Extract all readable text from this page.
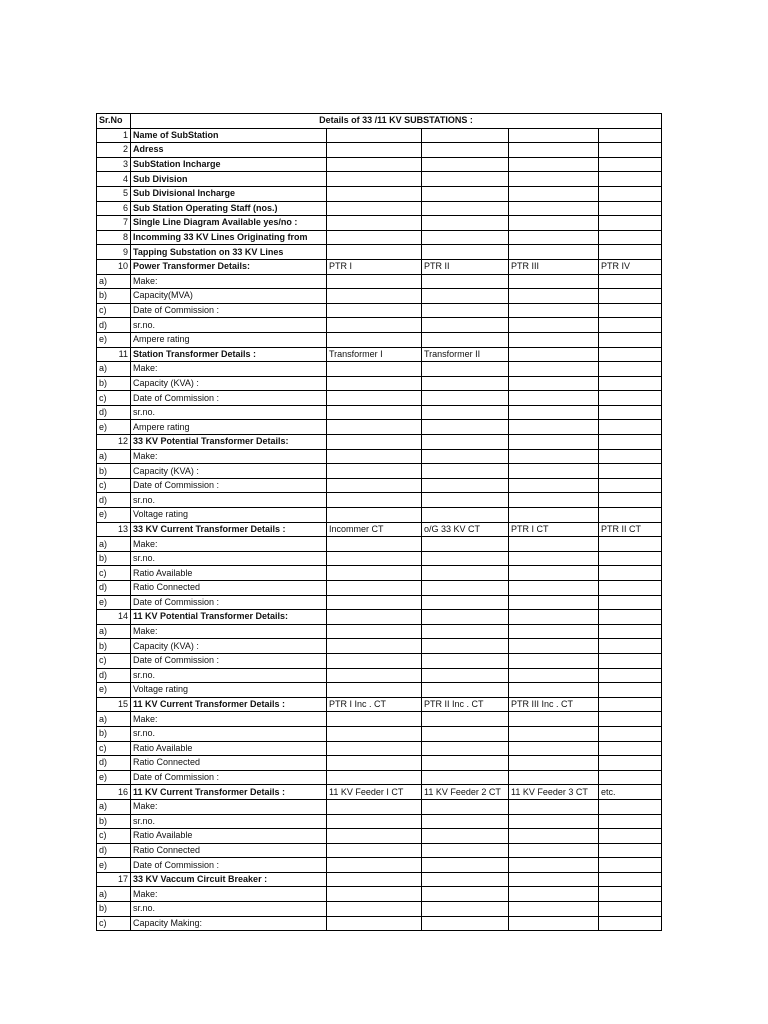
Sr.No	Details of 33 /11 KV SUBSTATIONS :				
1	Name of SubStation				
2	Adress				
3	SubStation Incharge				
4	Sub Division				
5	Sub Divisional Incharge				
6	Sub Station Operating Staff (nos.)				
7	Single Line Diagram Available yes/no :				
8	Incomming 33 KV Lines Originating from				
9	Tapping Substation on 33 KV Lines				
10	Power Transformer Details:	PTR I	PTR II	PTR III	PTR IV
a)	Make:				
b)	Capacity(MVA)				
c)	Date of Commission :				
d)	sr.no.				
e)	Ampere rating				
11	Station Transformer Details :	Transformer I	Transformer II		
a)	Make:				
b)	Capacity (KVA) :				
c)	Date of Commission :				
d)	sr.no.				
e)	Ampere rating				
12	33 KV Potential Transformer Details:				
a)	Make:				
b)	Capacity (KVA) :				
c)	Date of Commission :				
d)	sr.no.				
e)	Voltage rating				
13	33 KV Current Transformer Details :	Incommer CT	o/G 33 KV CT	PTR I CT	PTR II CT
a)	Make:				
b)	sr.no.				
c)	Ratio Available				
d)	Ratio Connected				
e)	Date of Commission :				
14	11 KV Potential Transformer Details:				
a)	Make:				
b)	Capacity (KVA) :				
c)	Date of Commission :				
d)	sr.no.				
e)	Voltage rating				
15	11 KV Current Transformer Details :	PTR I Inc . CT	PTR II Inc . CT	PTR III Inc . CT	
a)	Make:				
b)	sr.no.				
c)	Ratio Available				
d)	Ratio Connected				
e)	Date of Commission :				
16	11 KV Current Transformer Details :	11 KV Feeder I CT	11 KV Feeder 2 CT	11 KV Feeder 3 CT	etc.
a)	Make:				
b)	sr.no.				
c)	Ratio Available				
d)	Ratio Connected				
e)	Date of Commission :				
17	33 KV Vaccum Circuit Breaker :				
a)	Make:				
b)	sr.no.				
c)	Capacity Making:				
